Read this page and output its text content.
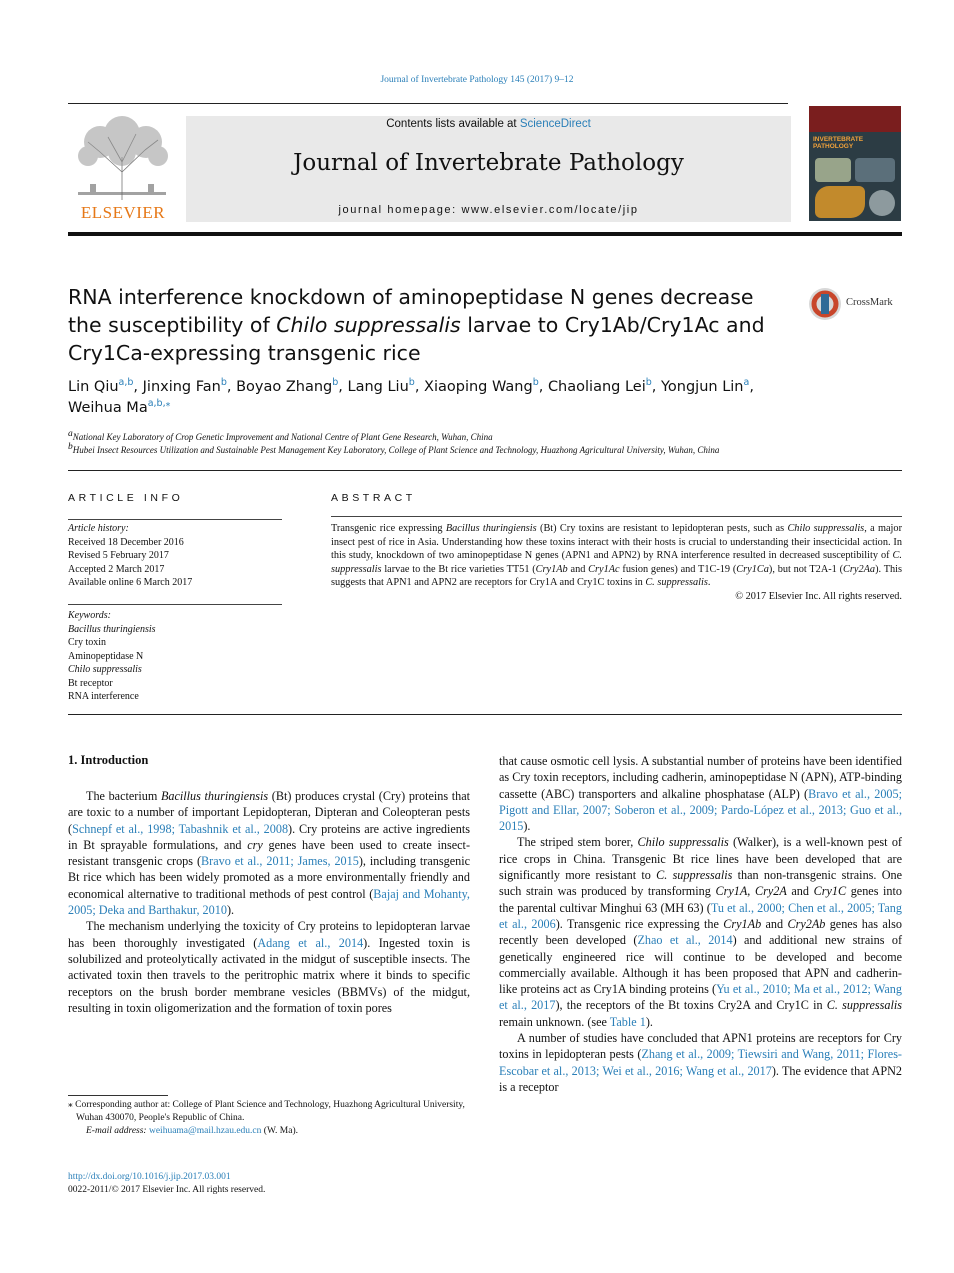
Journal of Invertebrate Pathology 145 (2017) 9–12
ELSEVIER
Contents lists available at ScienceDirect
Journal of Invertebrate Pathology
journal homepage: www.elsevier.com/locate/jip
INVERTEBRATE
PATHOLOGY
RNA interference knockdown of aminopeptidase N genes decrease the susceptibility of Chilo suppressalis larvae to Cry1Ab/Cry1Ac and Cry1Ca-expressing transgenic rice
CrossMark
Lin Qiu$^{a,b}$, Jinxing Fan$^b$, Boyao Zhang$^b$, Lang Liu$^b$, Xiaoping Wang$^b$, Chaoliang Lei$^b$, Yongjun Lin$^a$,
Weihua $Ma^{a,b,⁎}$
$^a$National Key Laboratory of Crop Genetic Improvement and National Centre of Plant Gene Research, Wuhan, China
$^b$Hubei Insect Resources Utilization and Sustainable Pest Management Key Laboratory, College of Plant Science and Technology, Huazhong Agricultural University, Wuhan, China
ARTICLE INFO	ABSTRACT
Article history:
Received 18 December 2016
Revised 5 February 2017
Accepted 2 March 2017
Available online 6 March 2017
Keywords:
Bacillus thuringiensis
Cry toxin
Aminopeptidase N
Chilo suppressalis
Bt receptor
RNA interference
Transgenic rice expressing Bacillus thuringiensis (Bt) Cry toxins are resistant to lepidopteran pests, such as Chilo suppressalis, a major insect pest of rice in Asia. Understanding how these toxins interact with their hosts is crucial to understanding their insecticidal action. In this study, knockdown of two aminopeptidase N genes (APN1 and APN2) by RNA interference resulted in decreased susceptibility of C. suppressalis larvae to the Bt rice varieties TT51 (Cry1Ab and Cry1Ac fusion genes) and T1C-19 (Cry1Ca), but not T2A-1 (Cry2Aa). This suggests that APN1 and APN2 are receptors for Cry1A and Cry1C toxins in C. suppressalis.
© 2017 Elsevier Inc. All rights reserved.
1. Introduction

The bacterium Bacillus thuringiensis (Bt) produces crystal (Cry) proteins that are toxic to a number of important Lepidopteran, Dipteran and Coleopteran pests (Schnepf et al., 1998; Tabashnik et al., 2008). Cry proteins are active ingredients in Bt sprayable formulations, and cry genes have been used to create insect-resistant transgenic crops (Bravo et al., 2011; James, 2015), including transgenic Bt rice which has been widely promoted as a more environmentally friendly and economical alternative to traditional methods of pest control (Bajaj and Mohanty, 2005; Deka and Barthakur, 2010).

The mechanism underlying the toxicity of Cry proteins to lepidopteran larvae has been thoroughly investigated (Adang et al., 2014). Ingested toxin is solubilized and proteolytically activated in the midgut of susceptible insects. The activated toxin then travels to the peritrophic matrix where it binds to specific receptors on the brush border membrane vesicles (BBMVs) of the midgut, resulting in toxin oligomerization and the formation of toxin pores

that cause osmotic cell lysis. A substantial number of proteins have been identified as Cry toxin receptors, including cadherin, aminopeptidase N (APN), ATP-binding cassette (ABC) transporters and alkaline phosphatase (ALP) (Bravo et al., 2005; Pigott and Ellar, 2007; Soberon et al., 2009; Pardo-López et al., 2013; Guo et al., 2015).

The striped stem borer, Chilo suppressalis (Walker), is a well-known pest of rice crops in China. Transgenic Bt rice lines have been developed that are significantly more resistant to C. suppressalis than non-transgenic strains. One such strain was produced by transforming Cry1A, Cry2A and Cry1C genes into the parental cultivar Minghui 63 (MH 63) (Tu et al., 2000; Chen et al., 2005; Tang et al., 2006). Transgenic rice expressing the Cry1Ab and Cry2Ab genes has also recently been developed (Zhao et al., 2014) and additional new strains of genetically engineered rice will continue to be developed and become commercially available. Although it has been proposed that APN and cadherin-like proteins act as Cry1A binding proteins (Yu et al., 2010; Ma et al., 2012; Wang et al., 2017), the receptors of the Bt toxins Cry2A and Cry1C in C. suppressalis remain unknown. (see Table 1).

A number of studies have concluded that APN1 proteins are receptors for Cry toxins in lepidopteran pests (Zhang et al., 2009; Tiewsiri and Wang, 2011; Flores-Escobar et al., 2013; Wei et al., 2016; Wang et al., 2017). The evidence that APN2 is a receptor

⁎ Corresponding author at: College of Plant Science and Technology, Huazhong Agricultural University, Wuhan 430070, People's Republic of China.
E-mail address: weihuama@mail.hzau.edu.cn (W. Ma).
http://dx.doi.org/10.1016/j.jip.2017.03.001
0022-2011/© 2017 Elsevier Inc. All rights reserved.
